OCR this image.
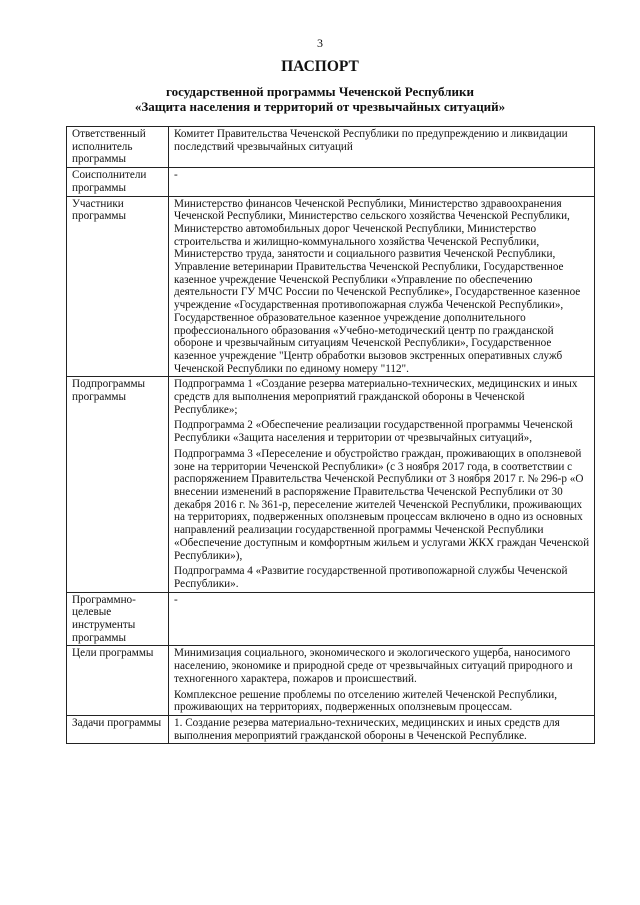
3
ПАСПОРТ
государственной программы Чеченской Республики
«Защита населения и территорий от чрезвычайных ситуаций»
Ответственный исполнитель программы	Комитет Правительства Чеченской Республики по предупреждению и ликвидации последствий чрезвычайных ситуаций

Соисполнители программы	-

Участники программы	Министерство финансов Чеченской Республики, Министерство здравоохранения Чеченской Республики, Министерство сельского хозяйства Чеченской Республики, Министерство автомобильных дорог Чеченской Республики, Министерство строительства и жилищно-коммунального хозяйства Чеченской Республики, Министерство труда, занятости и социального развития Чеченской Республики, Управление ветеринарии Правительства Чеченской Республики, Государственное казенное учреждение Чеченской Республики «Управление по обеспечению деятельности ГУ МЧС России по Чеченской Республике», Государственное казенное учреждение «Государственная противопожарная служба Чеченской Республики», Государственное образовательное казенное учреждение дополнительного профессионального образования «Учебно-методический центр по гражданской обороне и чрезвычайным ситуациям Чеченской Республики», Государственное казенное учреждение "Центр обработки вызовов экстренных оперативных служб Чеченской Республики по единому номеру "112".

Подпрограммы программы	Подпрограмма 1 «Создание резерва материально-технических, медицинских и иных средств для выполнения мероприятий гражданской обороны в Чеченской Республике»;

Подпрограмма 2 «Обеспечение реализации государственной программы Чеченской Республики «Защита населения и территории от чрезвычайных ситуаций»,

Подпрограмма 3 «Переселение и обустройство граждан, проживающих в оползневой зоне на территории Чеченской Республики» (с 3 ноября 2017 года, в соответствии с распоряжением Правительства Чеченской Республики от 3 ноября 2017 г. № 296-р «О внесении изменений в распоряжение Правительства Чеченской Республики от 30 декабря 2016 г. № 361-р, переселение жителей Чеченской Республики, проживающих на территориях, подверженных оползневым процессам включено в одно из основных направлений реализации государственной программы Чеченской Республики «Обеспечение доступным и комфортным жильем и услугами ЖКХ граждан Чеченской Республики»),

Подпрограмма 4 «Развитие государственной противопожарной службы Чеченской Республики».

Программно-целевые инструменты программы	-

Цели программы	Минимизация социального, экономического и экологического ущерба, наносимого населению, экономике и природной среде от чрезвычайных ситуаций природного и техногенного характера, пожаров и происшествий.

Комплексное решение проблемы по отселению жителей Чеченской Республики, проживающих на территориях, подверженных оползневым процессам.

Задачи программы	1. Создание резерва материально-технических, медицинских и иных средств для выполнения мероприятий гражданской обороны в Чеченской Республике.
